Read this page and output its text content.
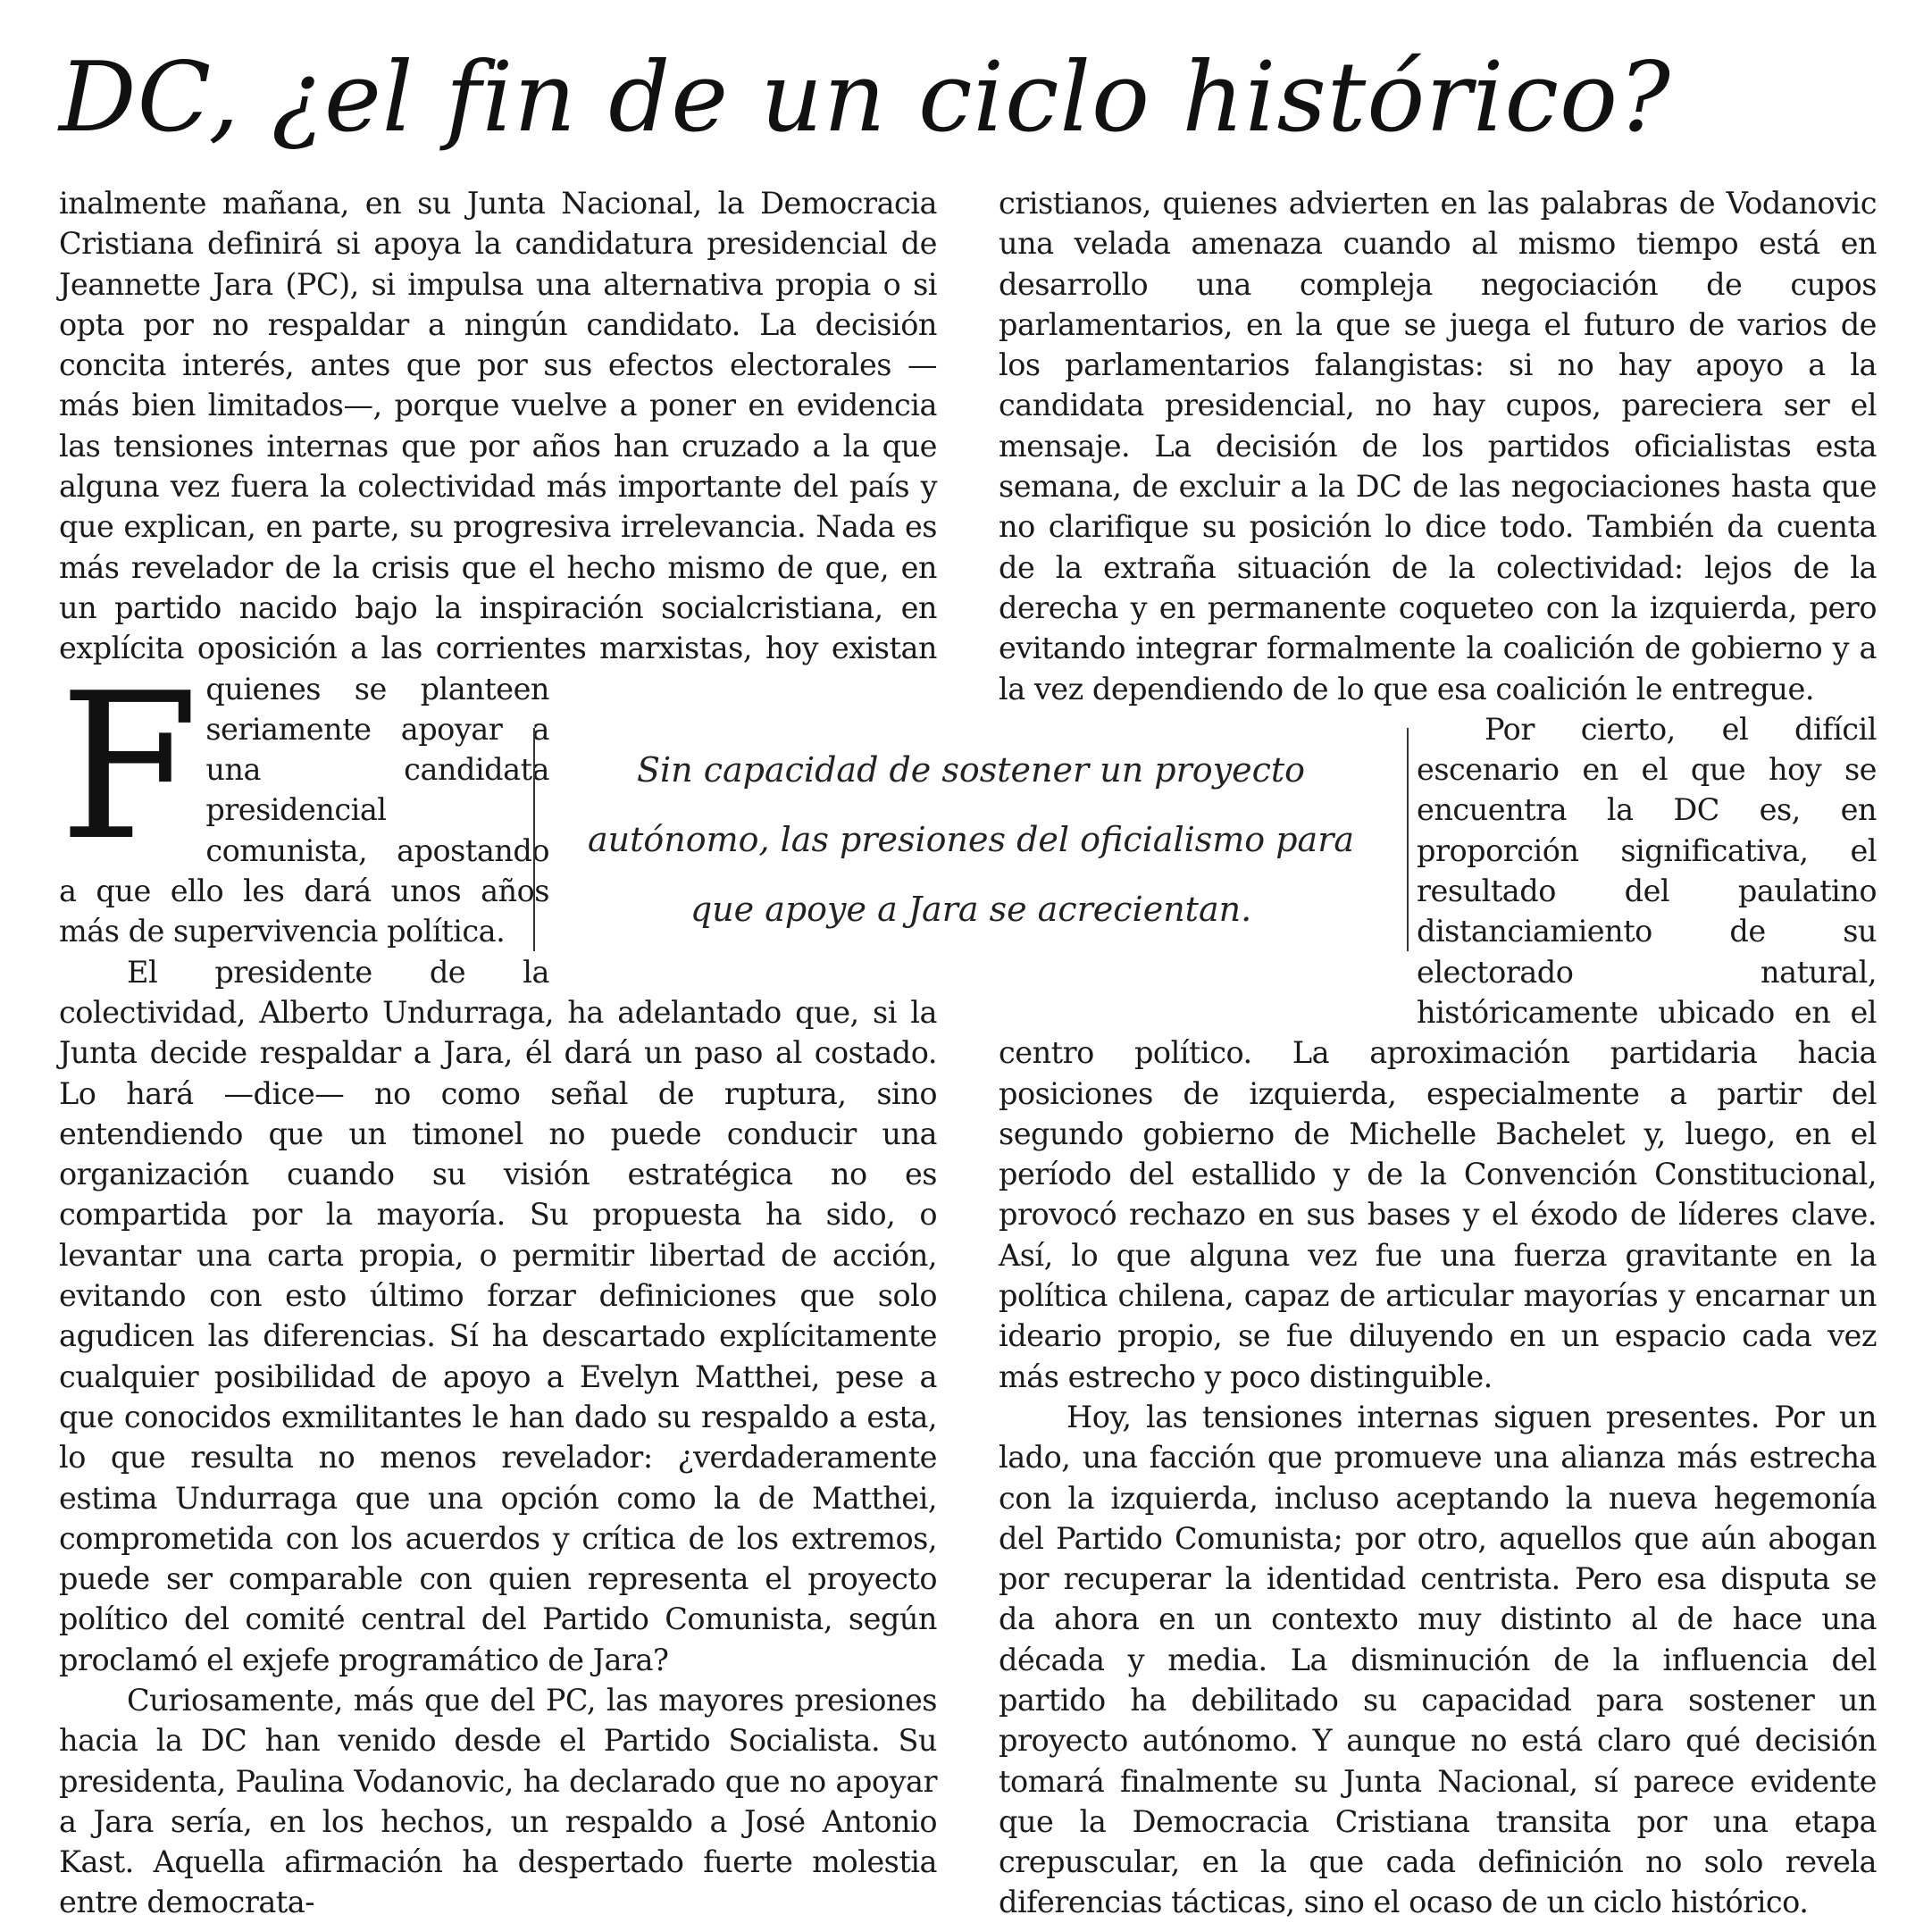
DC, ¿el fin de un ciclo histórico?

F
inalmente mañana, en su Junta Nacional, la Democracia Cristiana definirá si apoya la candidatura presidencial de Jeannette Jara (PC), si impulsa una alternativa propia o si opta por no respaldar a ningún candidato. La decisión concita interés, antes que por sus efectos electorales —más bien limitados—, porque vuelve a poner en evidencia las tensiones internas que por años han cruzado a la que alguna vez fuera la colectividad más importante del país y que explican, en parte, su progresiva irrelevancia. Nada es más revelador de la crisis que el hecho mismo de que, en un partido nacido bajo la inspiración socialcristiana, en explícita oposición a las corrientes marxistas, hoy existan quienes se planteen seriamente apoyar a una candidata presidencial comunista, apostando a que ello les dará unos años más de supervivencia política.

El presidente de la colectividad, Alberto Undurraga, ha adelantado que, si la Junta decide respaldar a Jara, él dará un paso al costado. Lo hará —dice— no como señal de ruptura, sino entendiendo que un timonel no puede conducir una organización cuando su visión estratégica no es compartida por la mayoría. Su propuesta ha sido, o levantar una carta propia, o permitir libertad de acción, evitando con esto último forzar definiciones que solo agudicen las diferencias. Sí ha descartado explícitamente cualquier posibilidad de apoyo a Evelyn Matthei, pese a que conocidos exmilitantes le han dado su respaldo a esta, lo que resulta no menos revelador: ¿verdaderamente estima Undurraga que una opción como la de Matthei, comprometida con los acuerdos y crítica de los extremos, puede ser comparable con quien representa el proyecto político del comité central del Partido Comunista, según proclamó el exjefe programático de Jara?

Curiosamente, más que del PC, las mayores presiones hacia la DC han venido desde el Partido Socialista. Su presidenta, Paulina Vodanovic, ha declarado que no apoyar a Jara sería, en los hechos, un respaldo a José Antonio Kast. Aquella afirmación ha despertado fuerte molestia entre democrata-

cristianos, quienes advierten en las palabras de Vodanovic una velada amenaza cuando al mismo tiempo está en desarrollo una compleja negociación de cupos parlamentarios, en la que se juega el futuro de varios de los parlamentarios falangistas: si no hay apoyo a la candidata presidencial, no hay cupos, pareciera ser el mensaje. La decisión de los partidos oficialistas esta semana, de excluir a la DC de las negociaciones hasta que no clarifique su posición lo dice todo. También da cuenta de la extraña situación de la colectividad: lejos de la derecha y en permanente coqueteo con la izquierda, pero evitando integrar formalmente la coalición de gobierno y a la vez dependiendo de lo que esa coalición le entregue.

Por cierto, el difícil escenario en el que hoy se encuentra la DC es, en proporción significativa, el resultado del paulatino distanciamiento de su electorado natural, históricamente ubicado en el centro político. La aproximación partidaria hacia posiciones de izquierda, especialmente a partir del segundo gobierno de Michelle Bachelet y, luego, en el período del estallido y de la Convención Constitucional, provocó rechazo en sus bases y el éxodo de líderes clave. Así, lo que alguna vez fue una fuerza gravitante en la política chilena, capaz de articular mayorías y encarnar un ideario propio, se fue diluyendo en un espacio cada vez más estrecho y poco distinguible.

Hoy, las tensiones internas siguen presentes. Por un lado, una facción que promueve una alianza más estrecha con la izquierda, incluso aceptando la nueva hegemonía del Partido Comunista; por otro, aquellos que aún abogan por recuperar la identidad centrista. Pero esa disputa se da ahora en un contexto muy distinto al de hace una década y media. La disminución de la influencia del partido ha debilitado su capacidad para sostener un proyecto autónomo. Y aunque no está claro qué decisión tomará finalmente su Junta Nacional, sí parece evidente que la Democracia Cristiana transita por una etapa crepuscular, en la que cada definición no solo revela diferencias tácticas, sino el ocaso de un ciclo histórico.

Sin capacidad de sostener un proyecto autónomo, las presiones del oficialismo para que apoye a Jara se acrecientan.
